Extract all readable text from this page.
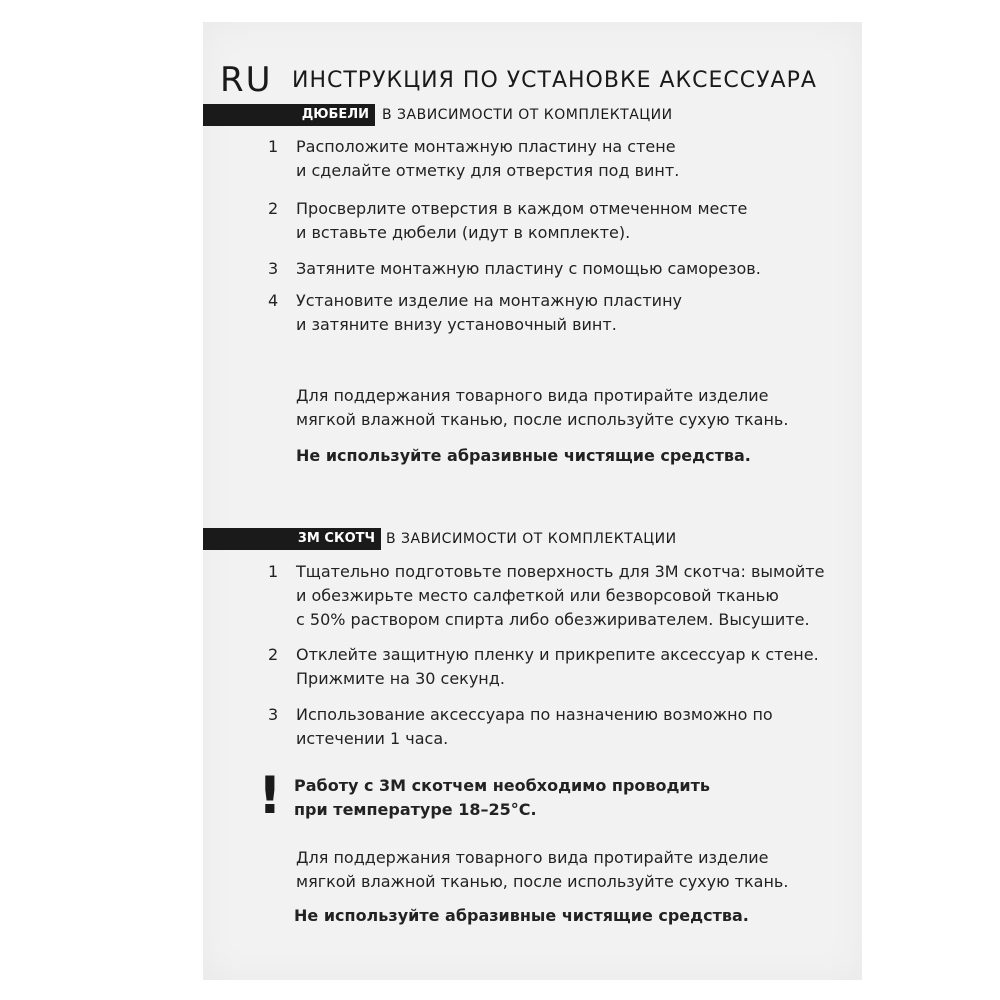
RU ИНСТРУКЦИЯ ПО УСТАНОВКЕ АКСЕССУАРА
ДЮБЕЛИ В ЗАВИСИМОСТИ ОТ КОМПЛЕКТАЦИИ
1 Расположите монтажную пластину на стене
и сделайте отметку для отверстия под винт.
2 Просверлите отверстия в каждом отмеченном месте
и вставьте дюбели (идут в комплекте).
3 Затяните монтажную пластину с помощью саморезов.
4 Установите изделие на монтажную пластину
и затяните внизу установочный винт.
Для поддержания товарного вида протирайте изделие
мягкой влажной тканью, после используйте сухую ткань.
Не используйте абразивные чистящие средства.
3M СКОТЧ В ЗАВИСИМОСТИ ОТ КОМПЛЕКТАЦИИ
1 Тщательно подготовьте поверхность для 3М скотча: вымойте
и обезжирьте место салфеткой или безворсовой тканью
с 50% раствором спирта либо обезжиривателем. Высушите.
2 Отклейте защитную пленку и прикрепите аксессуар к стене.
Прижмите на 30 секунд.
3 Использование аксессуара по назначению возможно по
истечении 1 часа.
! Работу с 3М скотчем необходимо проводить
при температуре 18–25°С.
Для поддержания товарного вида протирайте изделие
мягкой влажной тканью, после используйте сухую ткань.
Не используйте абразивные чистящие средства.
